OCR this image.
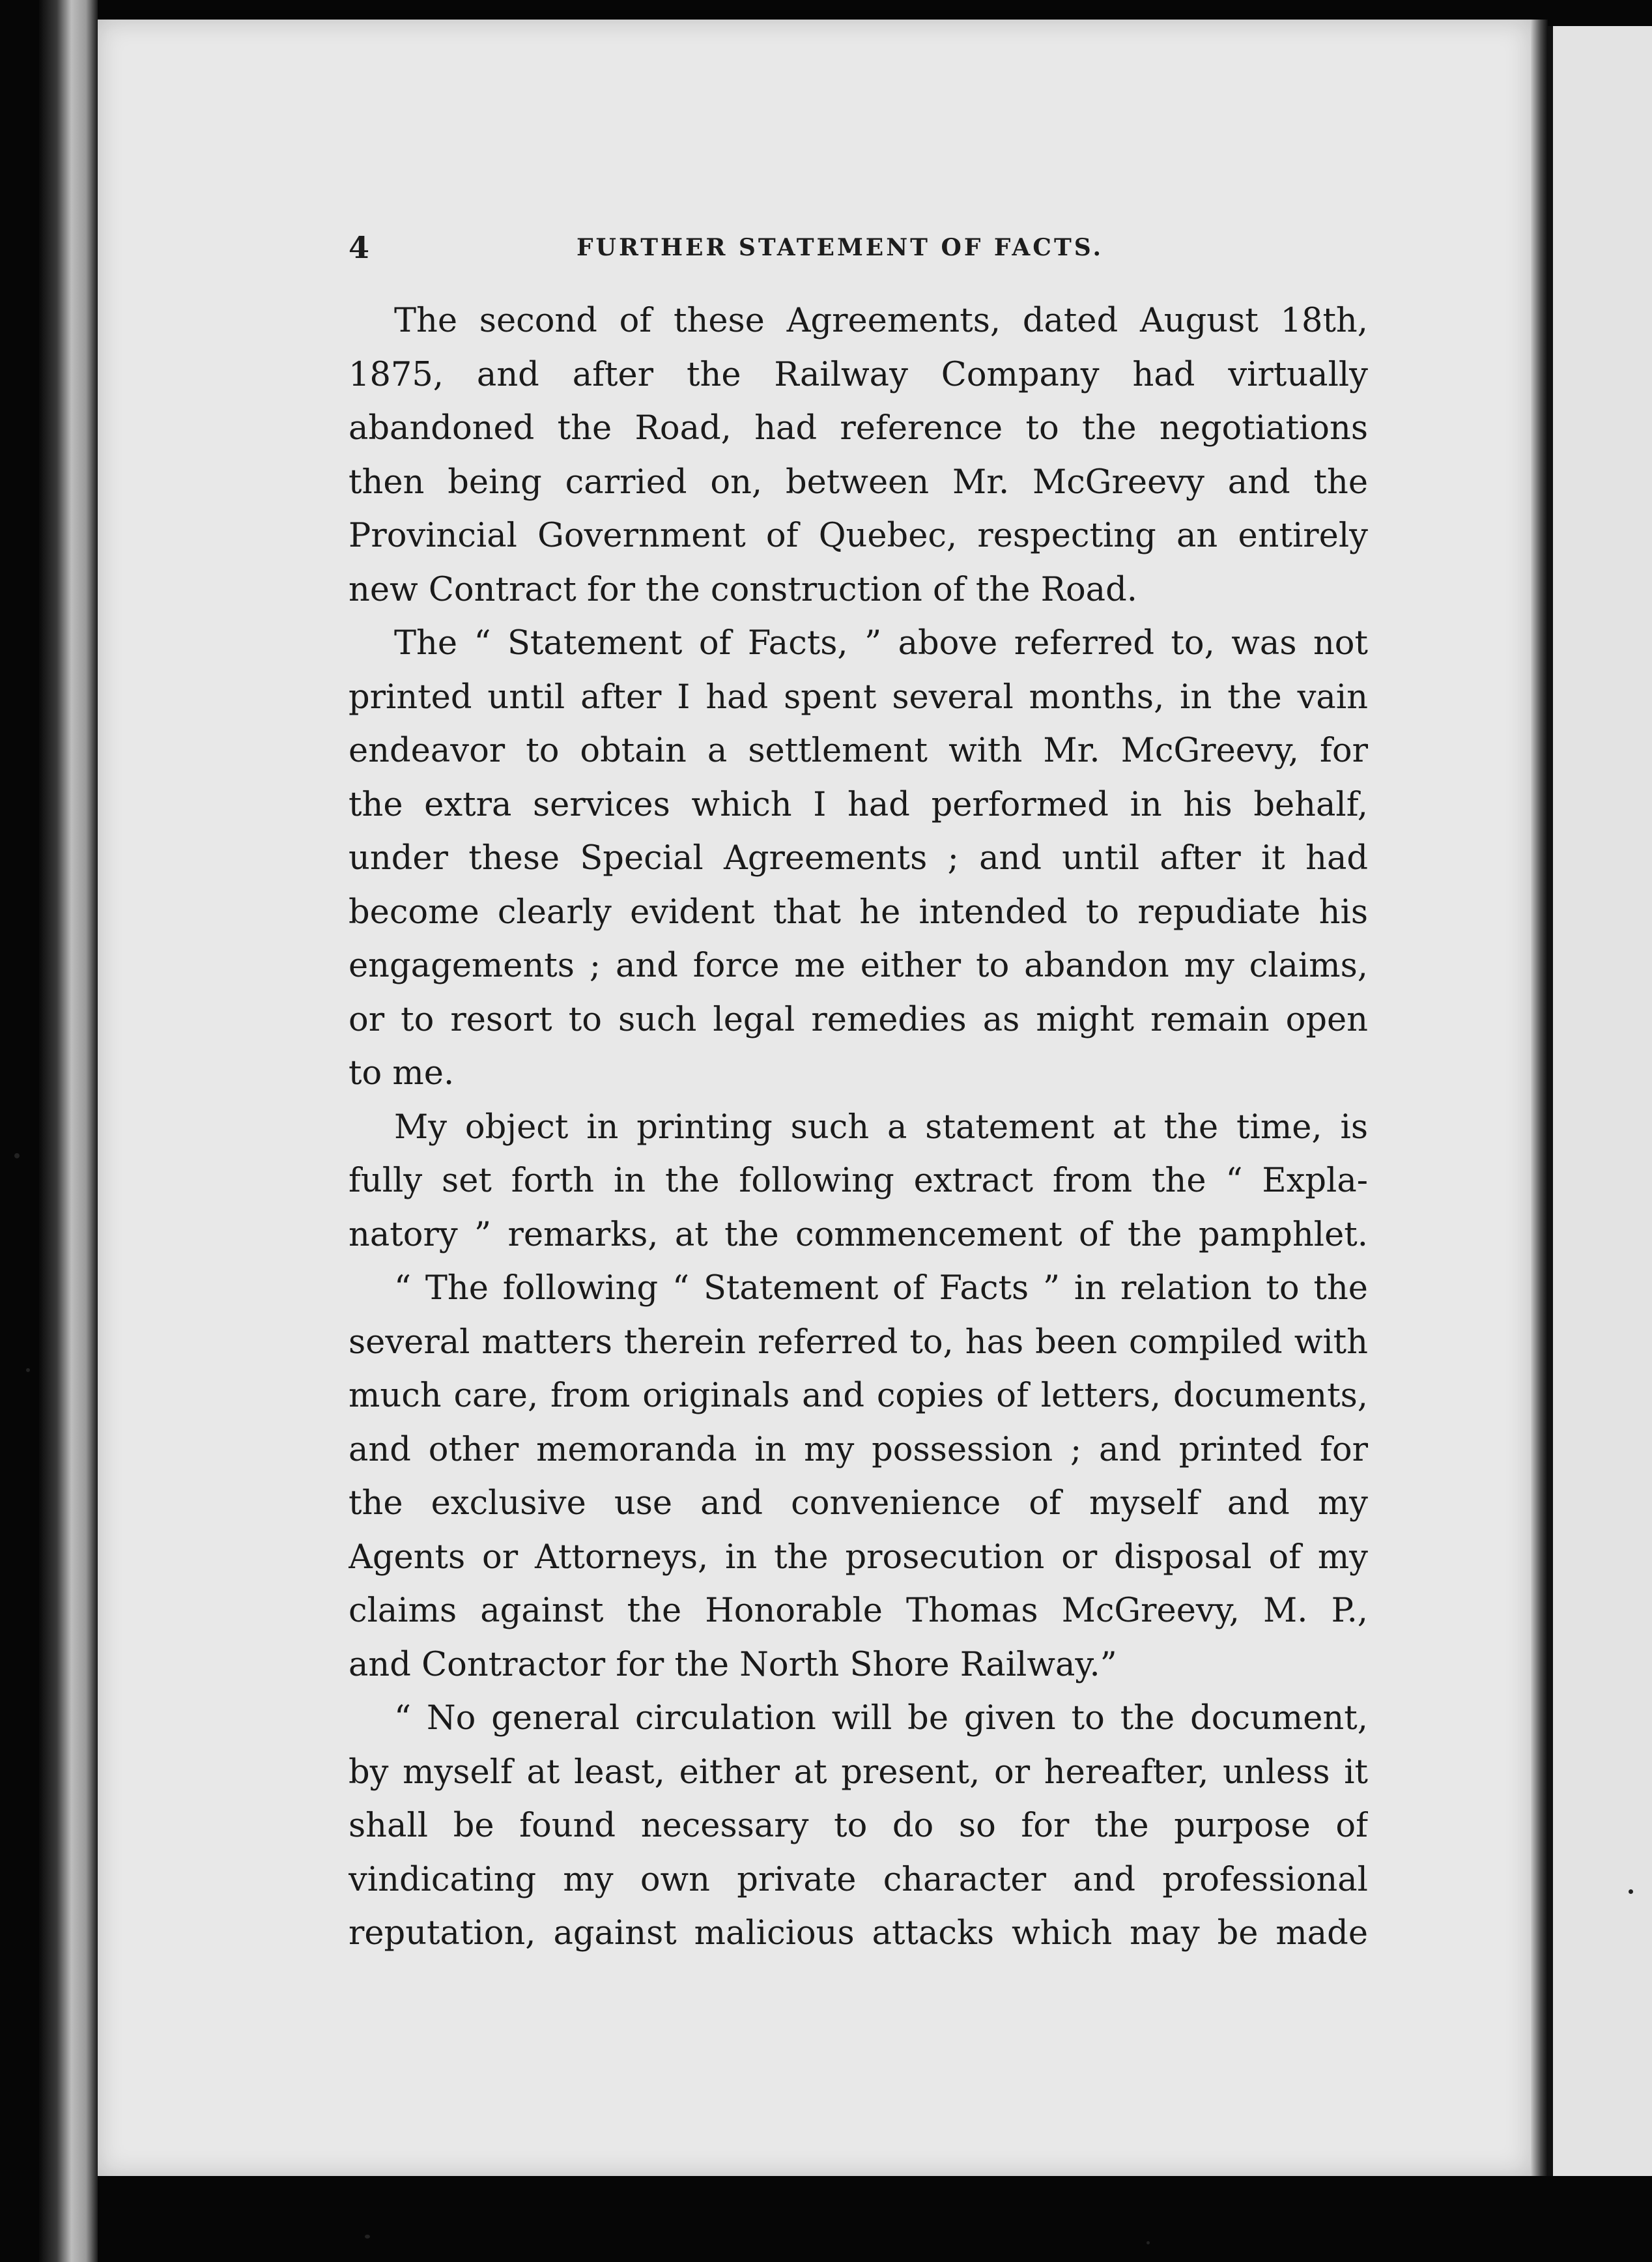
4	FURTHER STATEMENT OF FACTS.
The second of these Agreements, dated August 18th,
1875, and after the Railway Company had virtually
abandoned the Road, had reference to the negotiations
then being carried on, between Mr. McGreevy and the
Provincial Government of Quebec, respecting an entirely
new Contract for the construction of the Road.
The “ Statement of Facts, ” above referred to, was not
printed until after I had spent several months, in the vain
endeavor to obtain a settlement with Mr. McGreevy, for
the extra services which I had performed in his behalf,
under these Special Agreements ; and until after it had
become clearly evident that he intended to repudiate his
engagements ; and force me either to abandon my claims,
or to resort to such legal remedies as might remain open
to me.
My object in printing such a statement at the time, is
fully set forth in the following extract from the “ Expla-
natory ” remarks, at the commencement of the pamphlet.
“ The following “ Statement of Facts ” in relation to the
several matters therein referred to, has been compiled with
much care, from originals and copies of letters, documents,
and other memoranda in my possession ; and printed for
the exclusive use and convenience of myself and my
Agents or Attorneys, in the prosecution or disposal of my
claims against the Honorable Thomas McGreevy, M. P.,
and Contractor for the North Shore Railway.”
“ No general circulation will be given to the document,
by myself at least, either at present, or hereafter, unless it
shall be found necessary to do so for the purpose of
vindicating my own private character and professional
reputation, against malicious attacks which may be made
